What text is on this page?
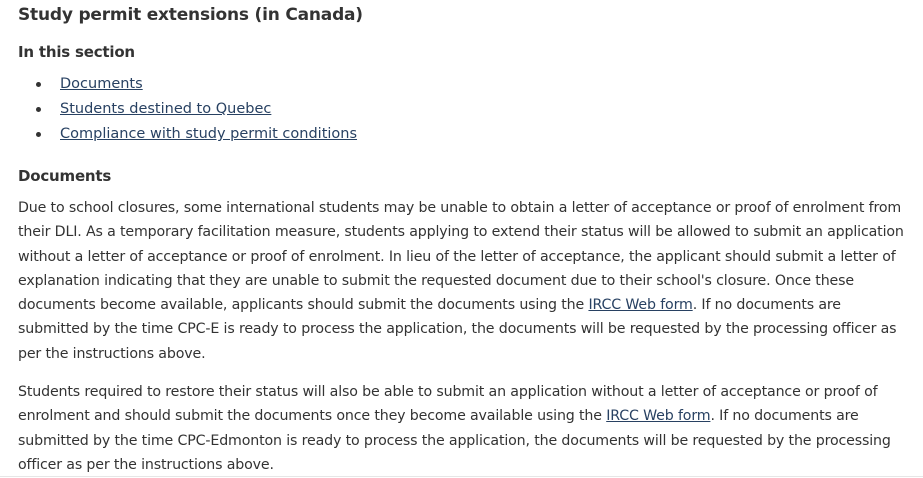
Study permit extensions (in Canada)
In this section
Documents
Students destined to Quebec
Compliance with study permit conditions
Documents

Due to school closures, some international students may be unable to obtain a letter of acceptance or proof of enrolment from their DLI. As a temporary facilitation measure, students applying to extend their status will be allowed to submit an application without a letter of acceptance or proof of enrolment. In lieu of the letter of acceptance, the applicant should submit a letter of explanation indicating that they are unable to submit the requested document due to their school's closure. Once these documents become available, applicants should submit the documents using the IRCC Web form. If no documents are submitted by the time CPC-E is ready to process the application, the documents will be requested by the processing officer as per the instructions above.

Students required to restore their status will also be able to submit an application without a letter of acceptance or proof of enrolment and should submit the documents once they become available using the IRCC Web form. If no documents are submitted by the time CPC-Edmonton is ready to process the application, the documents will be requested by the processing officer as per the instructions above.
